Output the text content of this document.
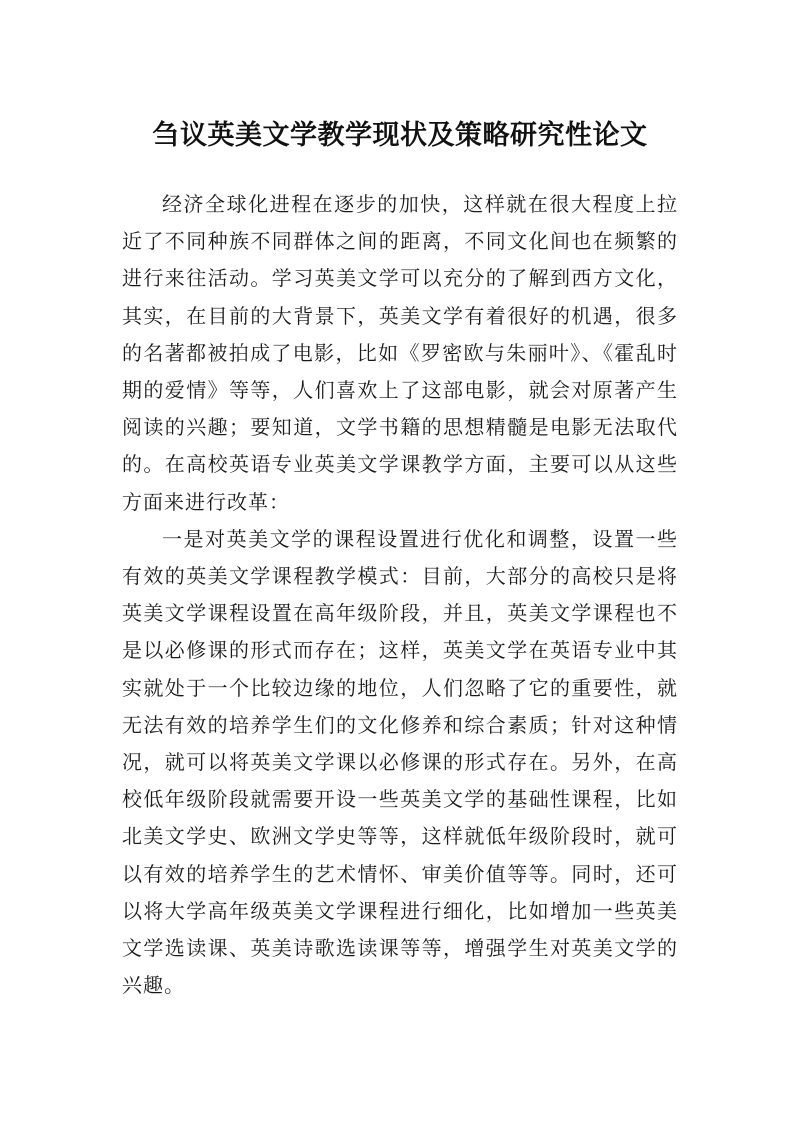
刍议英美文学教学现状及策略研究性论文

经济全球化进程在逐步的加快，这样就在很大程度上拉近了不同种族不同群体之间的距离，不同文化间也在频繁的进行来往活动。学习英美文学可以充分的了解到西方文化，其实，在目前的大背景下，英美文学有着很好的机遇，很多的名著都被拍成了电影，比如《罗密欧与朱丽叶》、《霍乱时期的爱情》等等，人们喜欢上了这部电影，就会对原著产生阅读的兴趣；要知道，文学书籍的思想精髓是电影无法取代的。在高校英语专业英美文学课教学方面，主要可以从这些方面来进行改革：

一是对英美文学的课程设置进行优化和调整，设置一些有效的英美文学课程教学模式：目前，大部分的高校只是将英美文学课程设置在高年级阶段，并且，英美文学课程也不是以必修课的形式而存在；这样，英美文学在英语专业中其实就处于一个比较边缘的地位，人们忽略了它的重要性，就无法有效的培养学生们的文化修养和综合素质；针对这种情况，就可以将英美文学课以必修课的形式存在。另外，在高校低年级阶段就需要开设一些英美文学的基础性课程，比如北美文学史、欧洲文学史等等，这样就低年级阶段时，就可以有效的培养学生的艺术情怀、审美价值等等。同时，还可以将大学高年级英美文学课程进行细化，比如增加一些英美文学选读课、英美诗歌选读课等等，增强学生对英美文学的兴趣。
